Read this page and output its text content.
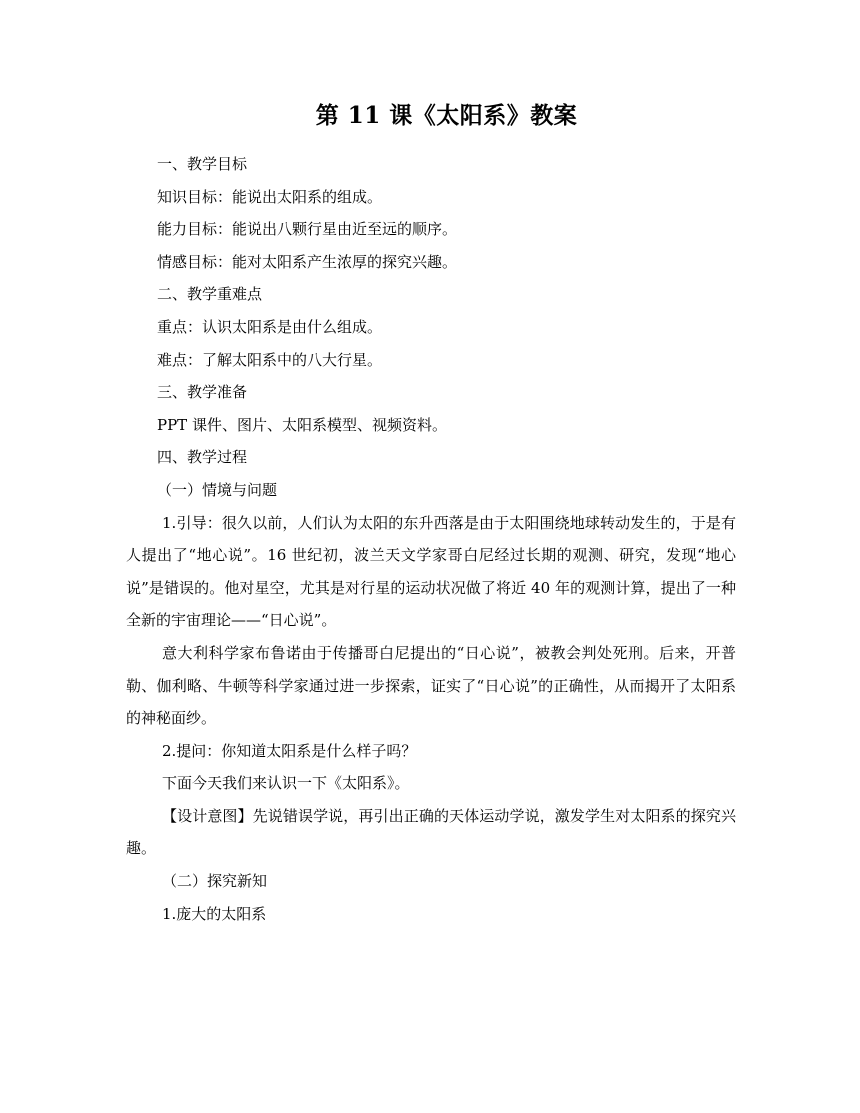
第 11 课《太阳系》教案

一、教学目标

知识目标：能说出太阳系的组成。

能力目标：能说出八颗行星由近至远的顺序。

情感目标：能对太阳系产生浓厚的探究兴趣。

二、教学重难点

重点：认识太阳系是由什么组成。

难点：了解太阳系中的八大行星。

三、教学准备

PPT 课件、图片、太阳系模型、视频资料。

四、教学过程

（一）情境与问题

1.引导：很久以前，人们认为太阳的东升西落是由于太阳围绕地球转动发生的，于是有人提出了“地心说”。16 世纪初，波兰天文学家哥白尼经过长期的观测、研究，发现“地心说”是错误的。他对星空，尤其是对行星的运动状况做了将近 40 年的观测计算，提出了一种全新的宇宙理论——“日心说”。

意大利科学家布鲁诺由于传播哥白尼提出的“日心说”，被教会判处死刑。后来，开普勒、伽利略、牛顿等科学家通过进一步探索，证实了“日心说”的正确性，从而揭开了太阳系的神秘面纱。

2.提问：你知道太阳系是什么样子吗？

下面今天我们来认识一下《太阳系》。

【设计意图】先说错误学说，再引出正确的天体运动学说，激发学生对太阳系的探究兴趣。

（二）探究新知

1.庞大的太阳系
